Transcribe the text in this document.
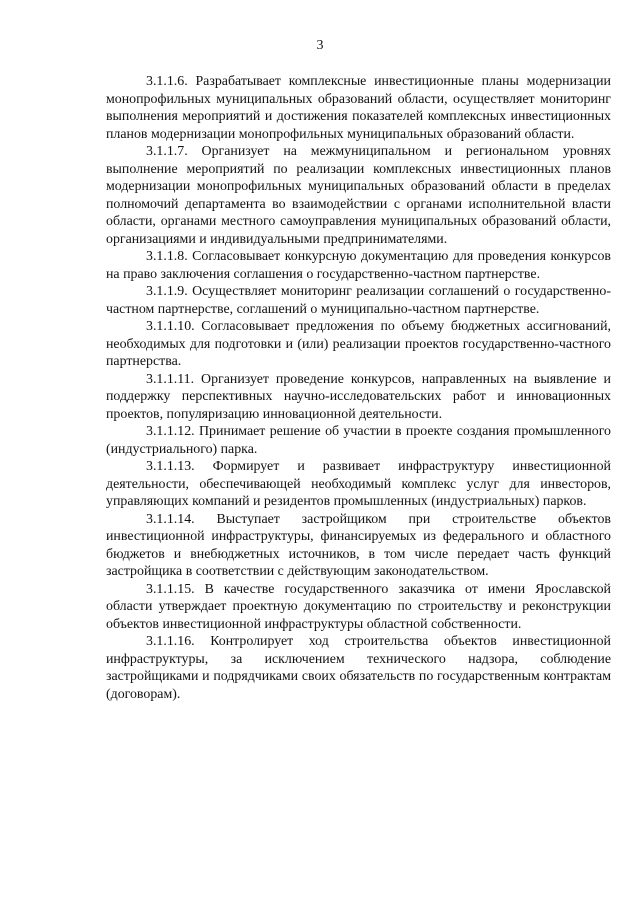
3

3.1.1.6. Разрабатывает комплексные инвестиционные планы модернизации монопрофильных муниципальных образований области, осуществляет мониторинг выполнения мероприятий и достижения показателей комплексных инвестиционных планов модернизации монопрофильных муниципальных образований области.

3.1.1.7. Организует на межмуниципальном и региональном уровнях выполнение мероприятий по реализации комплексных инвестиционных планов модернизации монопрофильных муниципальных образований области в пределах полномочий департамента во взаимодействии с органами исполнительной власти области, органами местного самоуправления муниципальных образований области, организациями и индивидуальными предпринимателями.

3.1.1.8. Согласовывает конкурсную документацию для проведения конкурсов на право заключения соглашения о государственно-частном партнерстве.

3.1.1.9. Осуществляет мониторинг реализации соглашений о государственно-частном партнерстве, соглашений о муниципально-частном партнерстве.

3.1.1.10. Согласовывает предложения по объему бюджетных ассигнований, необходимых для подготовки и (или) реализации проектов государственно-частного партнерства.

3.1.1.11. Организует проведение конкурсов, направленных на выявление и поддержку перспективных научно-исследовательских работ и инновационных проектов, популяризацию инновационной деятельности.

3.1.1.12. Принимает решение об участии в проекте создания промышленного (индустриального) парка.

3.1.1.13. Формирует и развивает инфраструктуру инвестиционной деятельности, обеспечивающей необходимый комплекс услуг для инвесторов, управляющих компаний и резидентов промышленных (индустриальных) парков.

3.1.1.14. Выступает застройщиком при строительстве объектов инвестиционной инфраструктуры, финансируемых из федерального и областного бюджетов и внебюджетных источников, в том числе передает часть функций застройщика в соответствии с действующим законодательством.

3.1.1.15. В качестве государственного заказчика от имени Ярославской области утверждает проектную документацию по строительству и реконструкции объектов инвестиционной инфраструктуры областной собственности.

3.1.1.16. Контролирует ход строительства объектов инвестиционной инфраструктуры, за исключением технического надзора, соблюдение застройщиками и подрядчиками своих обязательств по государственным контрактам (договорам).
